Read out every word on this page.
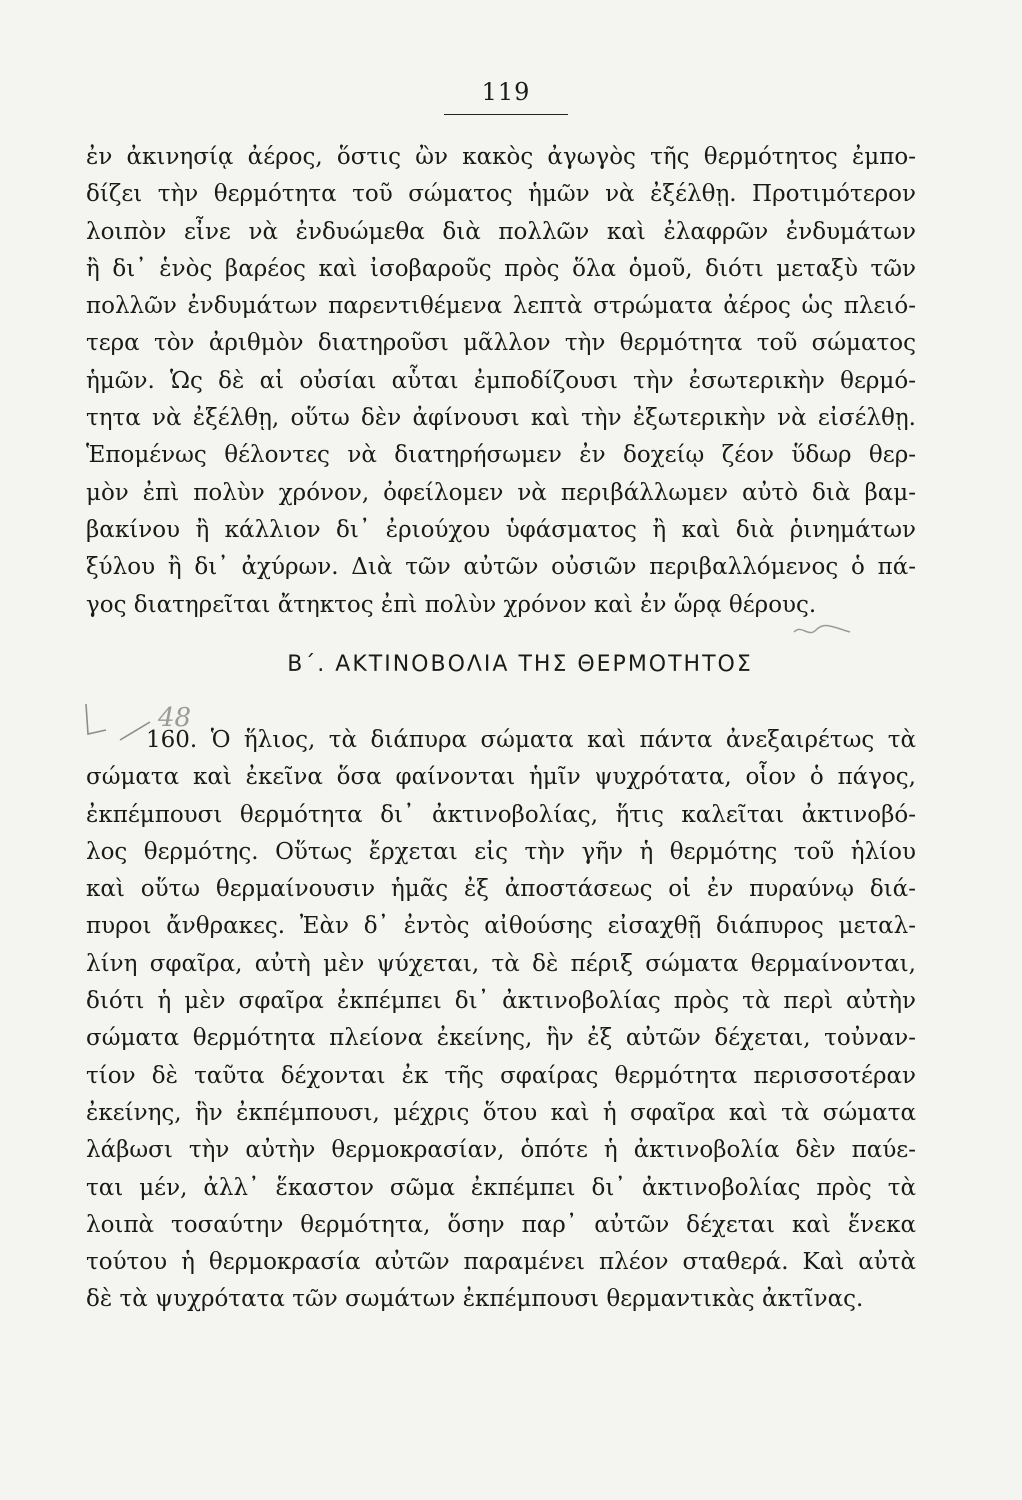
119
ἐν ἀκινησίᾳ ἀέρος, ὅστις ὢν κακὸς ἀγωγὸς τῆς θερμότητος ἐμπο-
δίζει τὴν θερμότητα τοῦ σώματος ἡμῶν νὰ ἐξέλθῃ. Προτιμότερον
λοιπὸν εἶνε νὰ ἐνδυώμεθα διὰ πολλῶν καὶ ἐλαφρῶν ἐνδυμάτων
ἢ δι᾽ ἑνὸς βαρέος καὶ ἰσοβαροῦς πρὸς ὅλα ὁμοῦ, διότι μεταξὺ τῶν
πολλῶν ἐνδυμάτων παρεντιθέμενα λεπτὰ στρώματα ἀέρος ὡς πλειό-
τερα τὸν ἀριθμὸν διατηροῦσι μᾶλλον τὴν θερμότητα τοῦ σώματος
ἡμῶν. Ὡς δὲ αἱ οὐσίαι αὗται ἐμποδίζουσι τὴν ἐσωτερικὴν θερμό-
τητα νὰ ἐξέλθῃ, οὕτω δὲν ἀφίνουσι καὶ τὴν ἐξωτερικὴν νὰ εἰσέλθῃ.
Ἑπομένως θέλοντες νὰ διατηρήσωμεν ἐν δοχείῳ ζέον ὕδωρ θερ-
μὸν ἐπὶ πολὺν χρόνον, ὀφείλομεν νὰ περιβάλλωμεν αὐτὸ διὰ βαμ-
βακίνου ἢ κάλλιον δι᾽ ἐριούχου ὑφάσματος ἢ καὶ διὰ ῥινημάτων
ξύλου ἢ δι᾽ ἀχύρων. Διὰ τῶν αὐτῶν οὐσιῶν περιβαλλόμενος ὁ πά-
γος διατηρεῖται ἄτηκτος ἐπὶ πολὺν χρόνον καὶ ἐν ὥρᾳ θέρους.
Β΄. ΑΚΤΙΝΟΒΟΛΙΑ ΤΗΣ ΘΕΡΜΟΤΗΤΟΣ
48
160. Ὁ ἥλιος, τὰ διάπυρα σώματα καὶ πάντα ἀνεξαιρέτως τὰ
σώματα καὶ ἐκεῖνα ὅσα φαίνονται ἡμῖν ψυχρότατα, οἷον ὁ πάγος,
ἐκπέμπουσι θερμότητα δι᾽ ἀκτινοβολίας, ἥτις καλεῖται ἀκτινοβό-
λος θερμότης. Οὕτως ἔρχεται εἰς τὴν γῆν ἡ θερμότης τοῦ ἡλίου
καὶ οὕτω θερμαίνουσιν ἡμᾶς ἐξ ἀποστάσεως οἱ ἐν πυραύνῳ διά-
πυροι ἄνθρακες. Ἐὰν δ᾽ ἐντὸς αἰθούσης εἰσαχθῇ διάπυρος μεταλ-
λίνη σφαῖρα, αὐτὴ μὲν ψύχεται, τὰ δὲ πέριξ σώματα θερμαίνονται,
διότι ἡ μὲν σφαῖρα ἐκπέμπει δι᾽ ἀκτινοβολίας πρὸς τὰ περὶ αὐτὴν
σώματα θερμότητα πλείονα ἐκείνης, ἣν ἐξ αὐτῶν δέχεται, τοὐναν-
τίον δὲ ταῦτα δέχονται ἐκ τῆς σφαίρας θερμότητα περισσοτέραν
ἐκείνης, ἣν ἐκπέμπουσι, μέχρις ὅτου καὶ ἡ σφαῖρα καὶ τὰ σώματα
λάβωσι τὴν αὐτὴν θερμοκρασίαν, ὁπότε ἡ ἀκτινοβολία δὲν παύε-
ται μέν, ἀλλ᾽ ἕκαστον σῶμα ἐκπέμπει δι᾽ ἀκτινοβολίας πρὸς τὰ
λοιπὰ τοσαύτην θερμότητα, ὅσην παρ᾽ αὐτῶν δέχεται καὶ ἕνεκα
τούτου ἡ θερμοκρασία αὐτῶν παραμένει πλέον σταθερά. Καὶ αὐτὰ
δὲ τὰ ψυχρότατα τῶν σωμάτων ἐκπέμπουσι θερμαντικὰς ἀκτῖνας.
